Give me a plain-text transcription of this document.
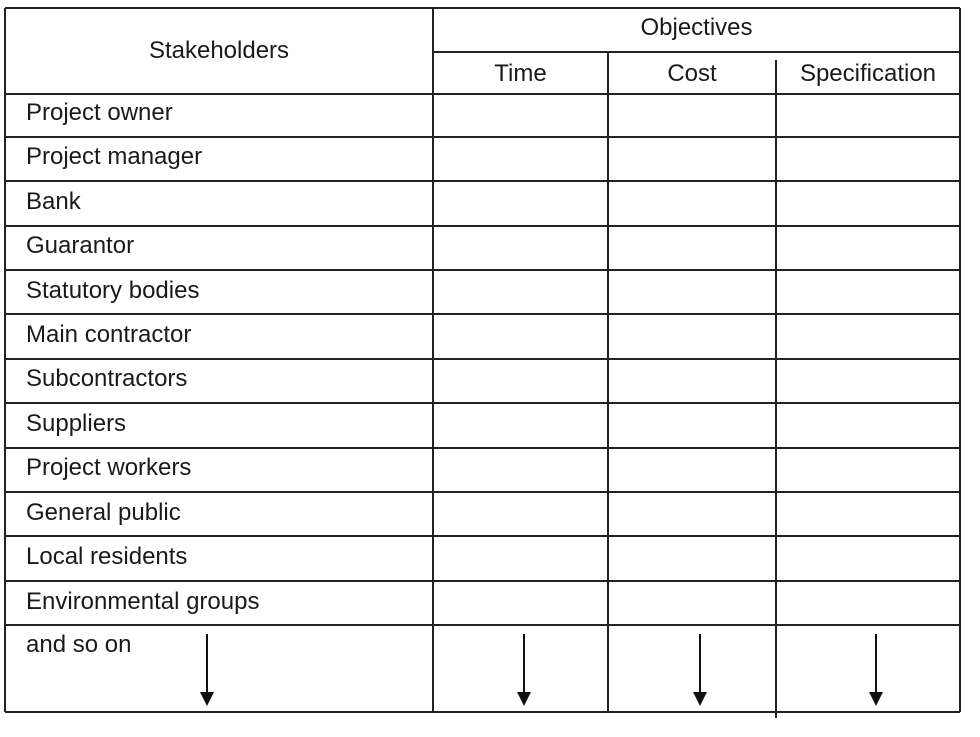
Stakeholders
Objectives
Time	Cost	Specification
Project owner
Project manager
Bank
Guarantor
Statutory bodies
Main contractor
Subcontractors
Suppliers
Project workers
General public
Local residents
Environmental groups
and so on
